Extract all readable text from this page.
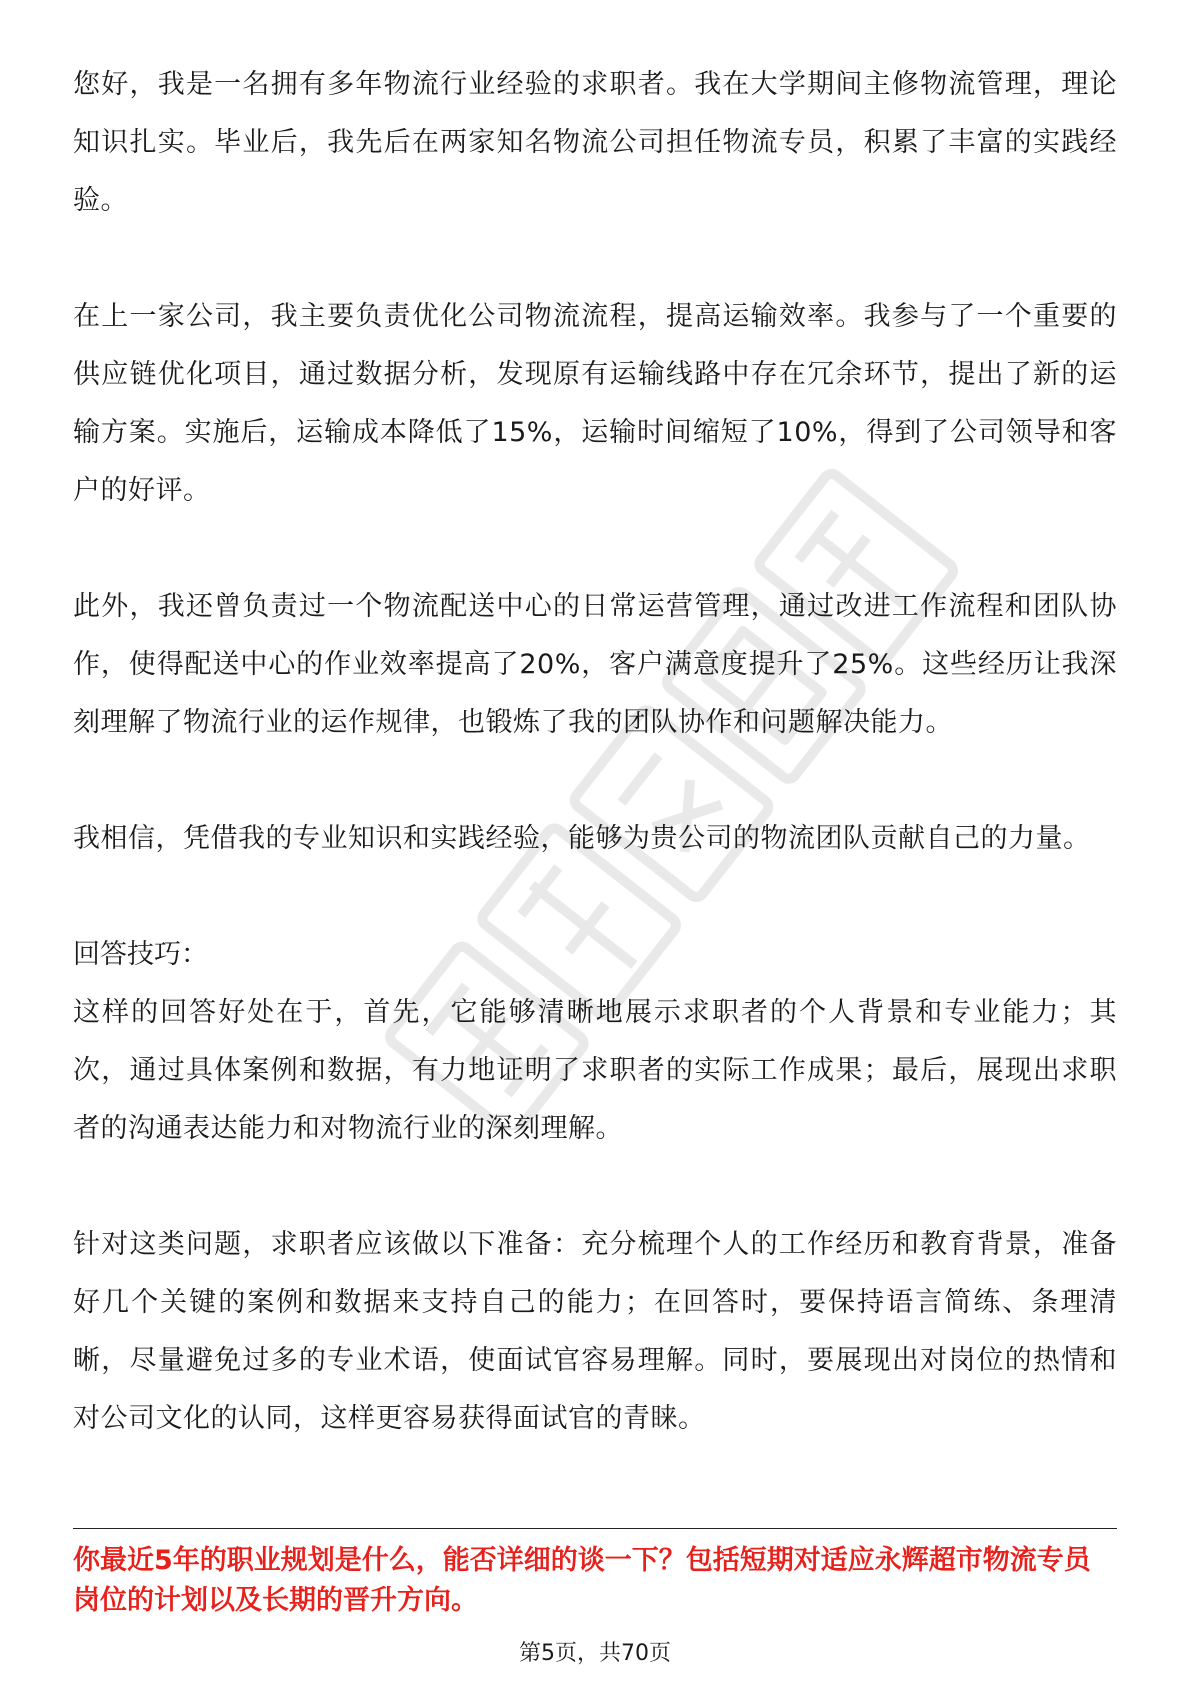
您好，我是一名拥有多年物流行业经验的求职者。我在大学期间主修物流管理，理论知识扎实。毕业后，我先后在两家知名物流公司担任物流专员，积累了丰富的实践经验。

在上一家公司，我主要负责优化公司物流流程，提高运输效率。我参与了一个重要的供应链优化项目，通过数据分析，发现原有运输线路中存在冗余环节，提出了新的运输方案。实施后，运输成本降低了15%，运输时间缩短了10%，得到了公司领导和客户的好评。

此外，我还曾负责过一个物流配送中心的日常运营管理，通过改进工作流程和团队协作，使得配送中心的作业效率提高了20%，客户满意度提升了25%。这些经历让我深刻理解了物流行业的运作规律，也锻炼了我的团队协作和问题解决能力。

我相信，凭借我的专业知识和实践经验，能够为贵公司的物流团队贡献自己的力量。

回答技巧：

这样的回答好处在于，首先，它能够清晰地展示求职者的个人背景和专业能力；其次，通过具体案例和数据，有力地证明了求职者的实际工作成果；最后，展现出求职者的沟通表达能力和对物流行业的深刻理解。

针对这类问题，求职者应该做以下准备：充分梳理个人的工作经历和教育背景，准备好几个关键的案例和数据来支持自己的能力；在回答时，要保持语言简练、条理清晰，尽量避免过多的专业术语，使面试官容易理解。同时，要展现出对岗位的热情和对公司文化的认同，这样更容易获得面试官的青睐。

你最近5年的职业规划是什么，能否详细的谈一下？包括短期对适应永辉超市物流专员岗位的计划以及长期的晋升方向。

第5页，共70页
